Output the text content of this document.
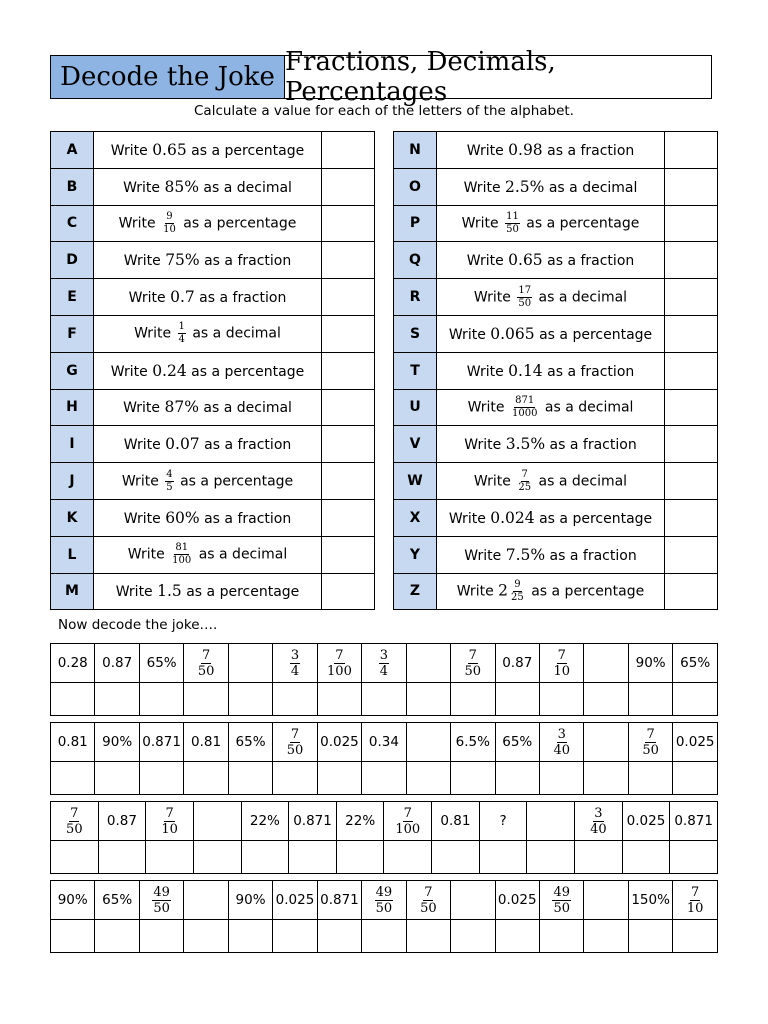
Decode the Joke Fractions, Decimals, Percentages
Calculate a value for each of the letters of the alphabet.
A	Write 0.65 as a percentage	
B	Write 85% as a decimal	
C	Write $\frac{9}{10}$ as a percentage	
D	Write 75% as a fraction	
E	Write 0.7 as a fraction	
F	Write $\frac{1}{4}$ as a decimal	
G	Write 0.24 as a percentage	
H	Write 87% as a decimal	
I	Write 0.07 as a fraction	
J	Write $\frac{4}{5}$ as a percentage	
K	Write 60% as a fraction	
L	Write $\frac{81}{100}$ as a decimal	
M	Write 1.5 as a percentage	
N	Write 0.98 as a fraction	
O	Write 2.5% as a decimal	
P	Write $\frac{11}{50}$ as a percentage	
Q	Write 0.65 as a fraction	
R	Write $\frac{17}{50}$ as a decimal	
S	Write 0.065 as a percentage	
T	Write 0.14 as a fraction	
U	Write $\frac{871}{1000}$ as a decimal	
V	Write 3.5% as a fraction	
W	Write $\frac{7}{25}$ as a decimal	
X	Write 0.024 as a percentage	
Y	Write 7.5% as a fraction	
Z	Write $2 \frac{9}{25}$ as a percentage	
Now decode the joke….
0.28	0.87	65%	$\frac{7}{50}$		$\frac{3}{4}$	$\frac{7}{100}$	$\frac{3}{4}$		$\frac{7}{50}$	0.87	$\frac{7}{10}$		90%	65%

0.81	90%	0.871	0.81	65%	$\frac{7}{50}$	0.025	0.34		6.5%	65%	$\frac{3}{40}$		$\frac{7}{50}$	0.025

$\frac{7}{50}$	0.87	$\frac{7}{10}$		22%	0.871	22%	$\frac{7}{100}$	0.81	?		$\frac{3}{40}$	0.025	0.871

90%	65%	$\frac{49}{50}$		90%	0.025	0.871	$\frac{49}{50}$	$\frac{7}{50}$		0.025	$\frac{49}{50}$		150%	$\frac{7}{10}$
